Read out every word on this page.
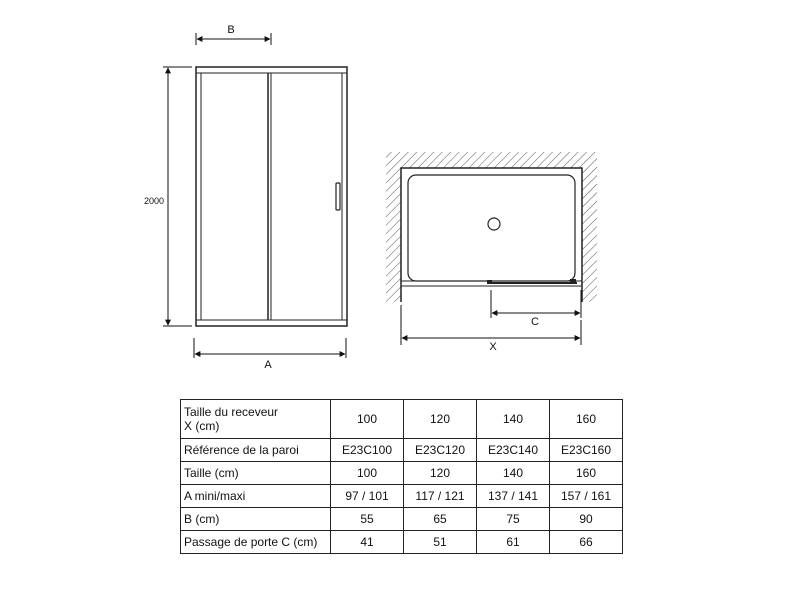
B
A
2000
C
X
Taille du receveur
X (cm)	100	120	140	160
Référence de la paroi	E23C100	E23C120	E23C140	E23C160
Taille (cm)	100	120	140	160
A mini/maxi	97 / 101	117 / 121	137 / 141	157 / 161
B (cm)	55	65	75	90
Passage de porte C (cm)	41	51	61	66
